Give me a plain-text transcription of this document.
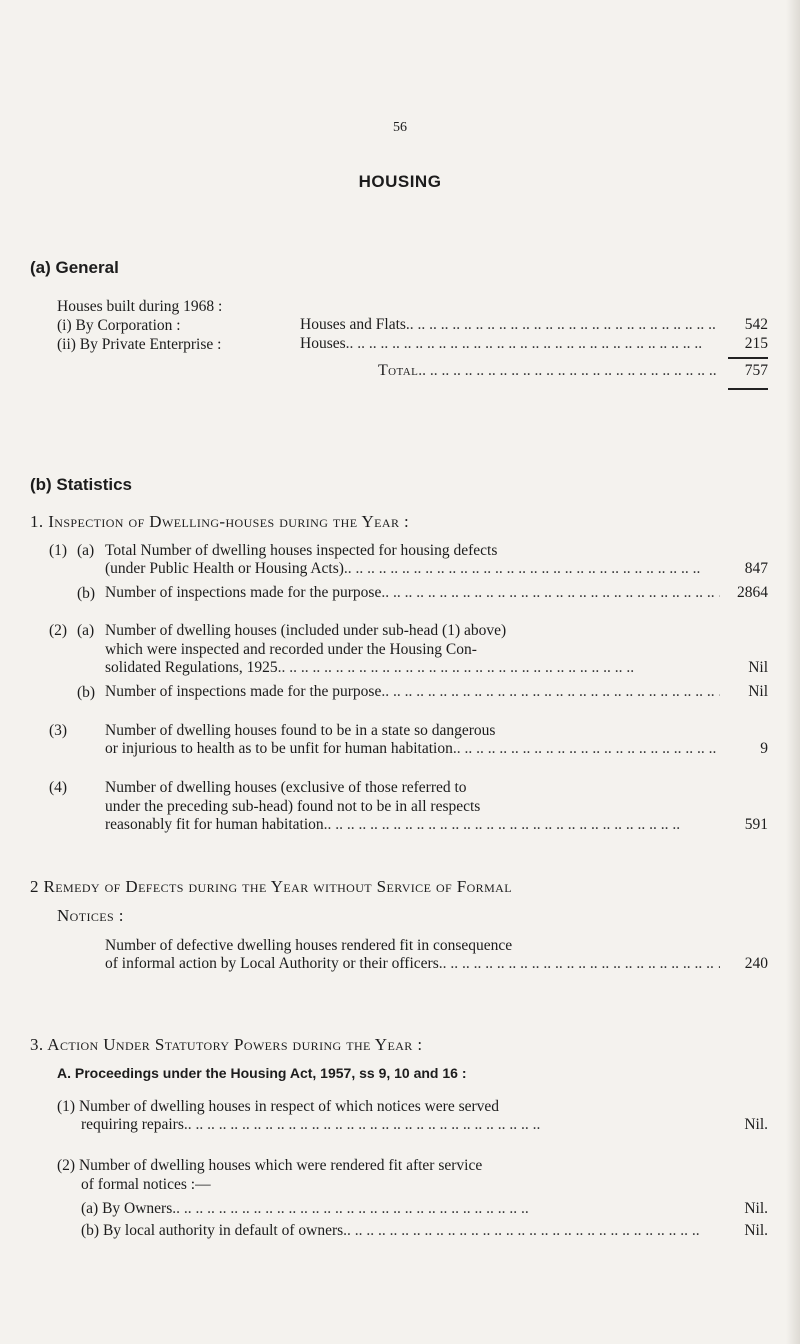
56
HOUSING
(a) General
Houses built during 1968 :
(i) By Corporation :	Houses and Flats .. ..	542
(ii) By Private Enterprise :	Houses .. ..	215
Total .. ..	757
(b) Statistics
1. Inspection of Dwelling-houses during the Year :
(1) (a) Total Number of dwelling houses inspected for housing defects
(under Public Health or Housing Acts) .. ..	847
(b) Number of inspections made for the purpose .. ..	2864
(2) (a) Number of dwelling houses (included under sub-head (1) above)
which were inspected and recorded under the Housing Con-
solidated Regulations, 1925 .. ..	Nil
(b) Number of inspections made for the purpose .. ..	Nil
(3) Number of dwelling houses found to be in a state so dangerous
or injurious to health as to be unfit for human habitation .. ..	9
(4) Number of dwelling houses (exclusive of those referred to
under the preceding sub-head) found not to be in all respects
reasonably fit for human habitation .. ..	591
2 Remedy of Defects during the Year without Service of Formal
Notices :
Number of defective dwelling houses rendered fit in consequence
of informal action by Local Authority or their officers .. ..	240
3. Action Under Statutory Powers during the Year :
A. Proceedings under the Housing Act, 1957, ss 9, 10 and 16 :
(1) Number of dwelling houses in respect of which notices were served
requiring repairs .. ..	Nil.
(2) Number of dwelling houses which were rendered fit after service
of formal notices :—
(a) By Owners .. ..	Nil.
(b) By local authority in default of owners .. ..	Nil.
